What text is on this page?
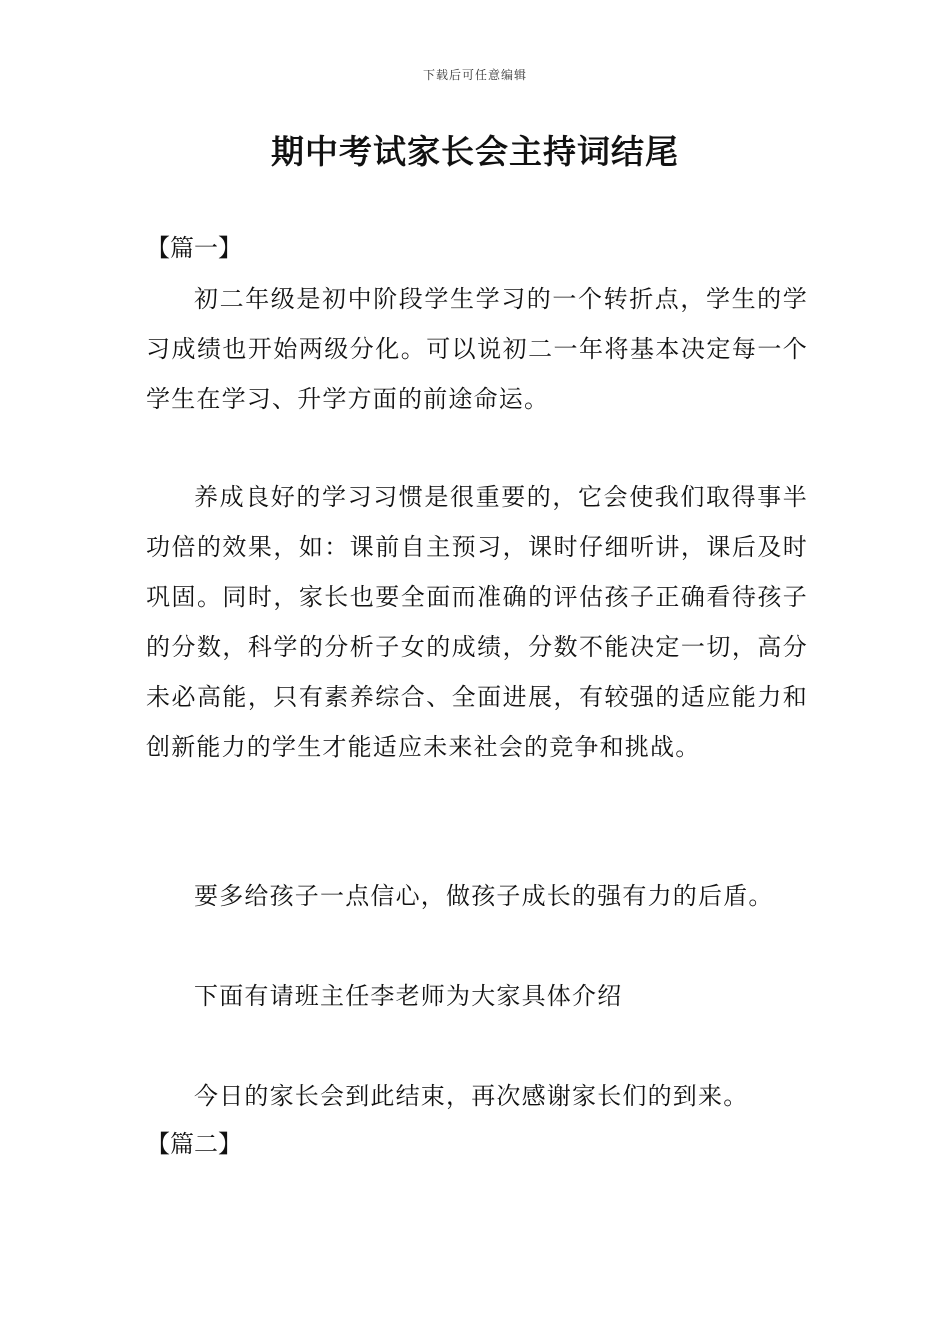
下载后可任意编辑
期中考试家长会主持词结尾
【篇一】

初二年级是初中阶段学生学习的一个转折点，学生的学习成绩也开始两级分化。可以说初二一年将基本决定每一个学生在学习、升学方面的前途命运。

养成良好的学习习惯是很重要的，它会使我们取得事半功倍的效果，如：课前自主预习，课时仔细听讲，课后及时巩固。同时，家长也要全面而准确的评估孩子正确看待孩子的分数，科学的分析子女的成绩，分数不能决定一切，高分未必高能，只有素养综合、全面进展，有较强的适应能力和创新能力的学生才能适应未来社会的竞争和挑战。

要多给孩子一点信心，做孩子成长的强有力的后盾。

下面有请班主任李老师为大家具体介绍

今日的家长会到此结束，再次感谢家长们的到来。

【篇二】
